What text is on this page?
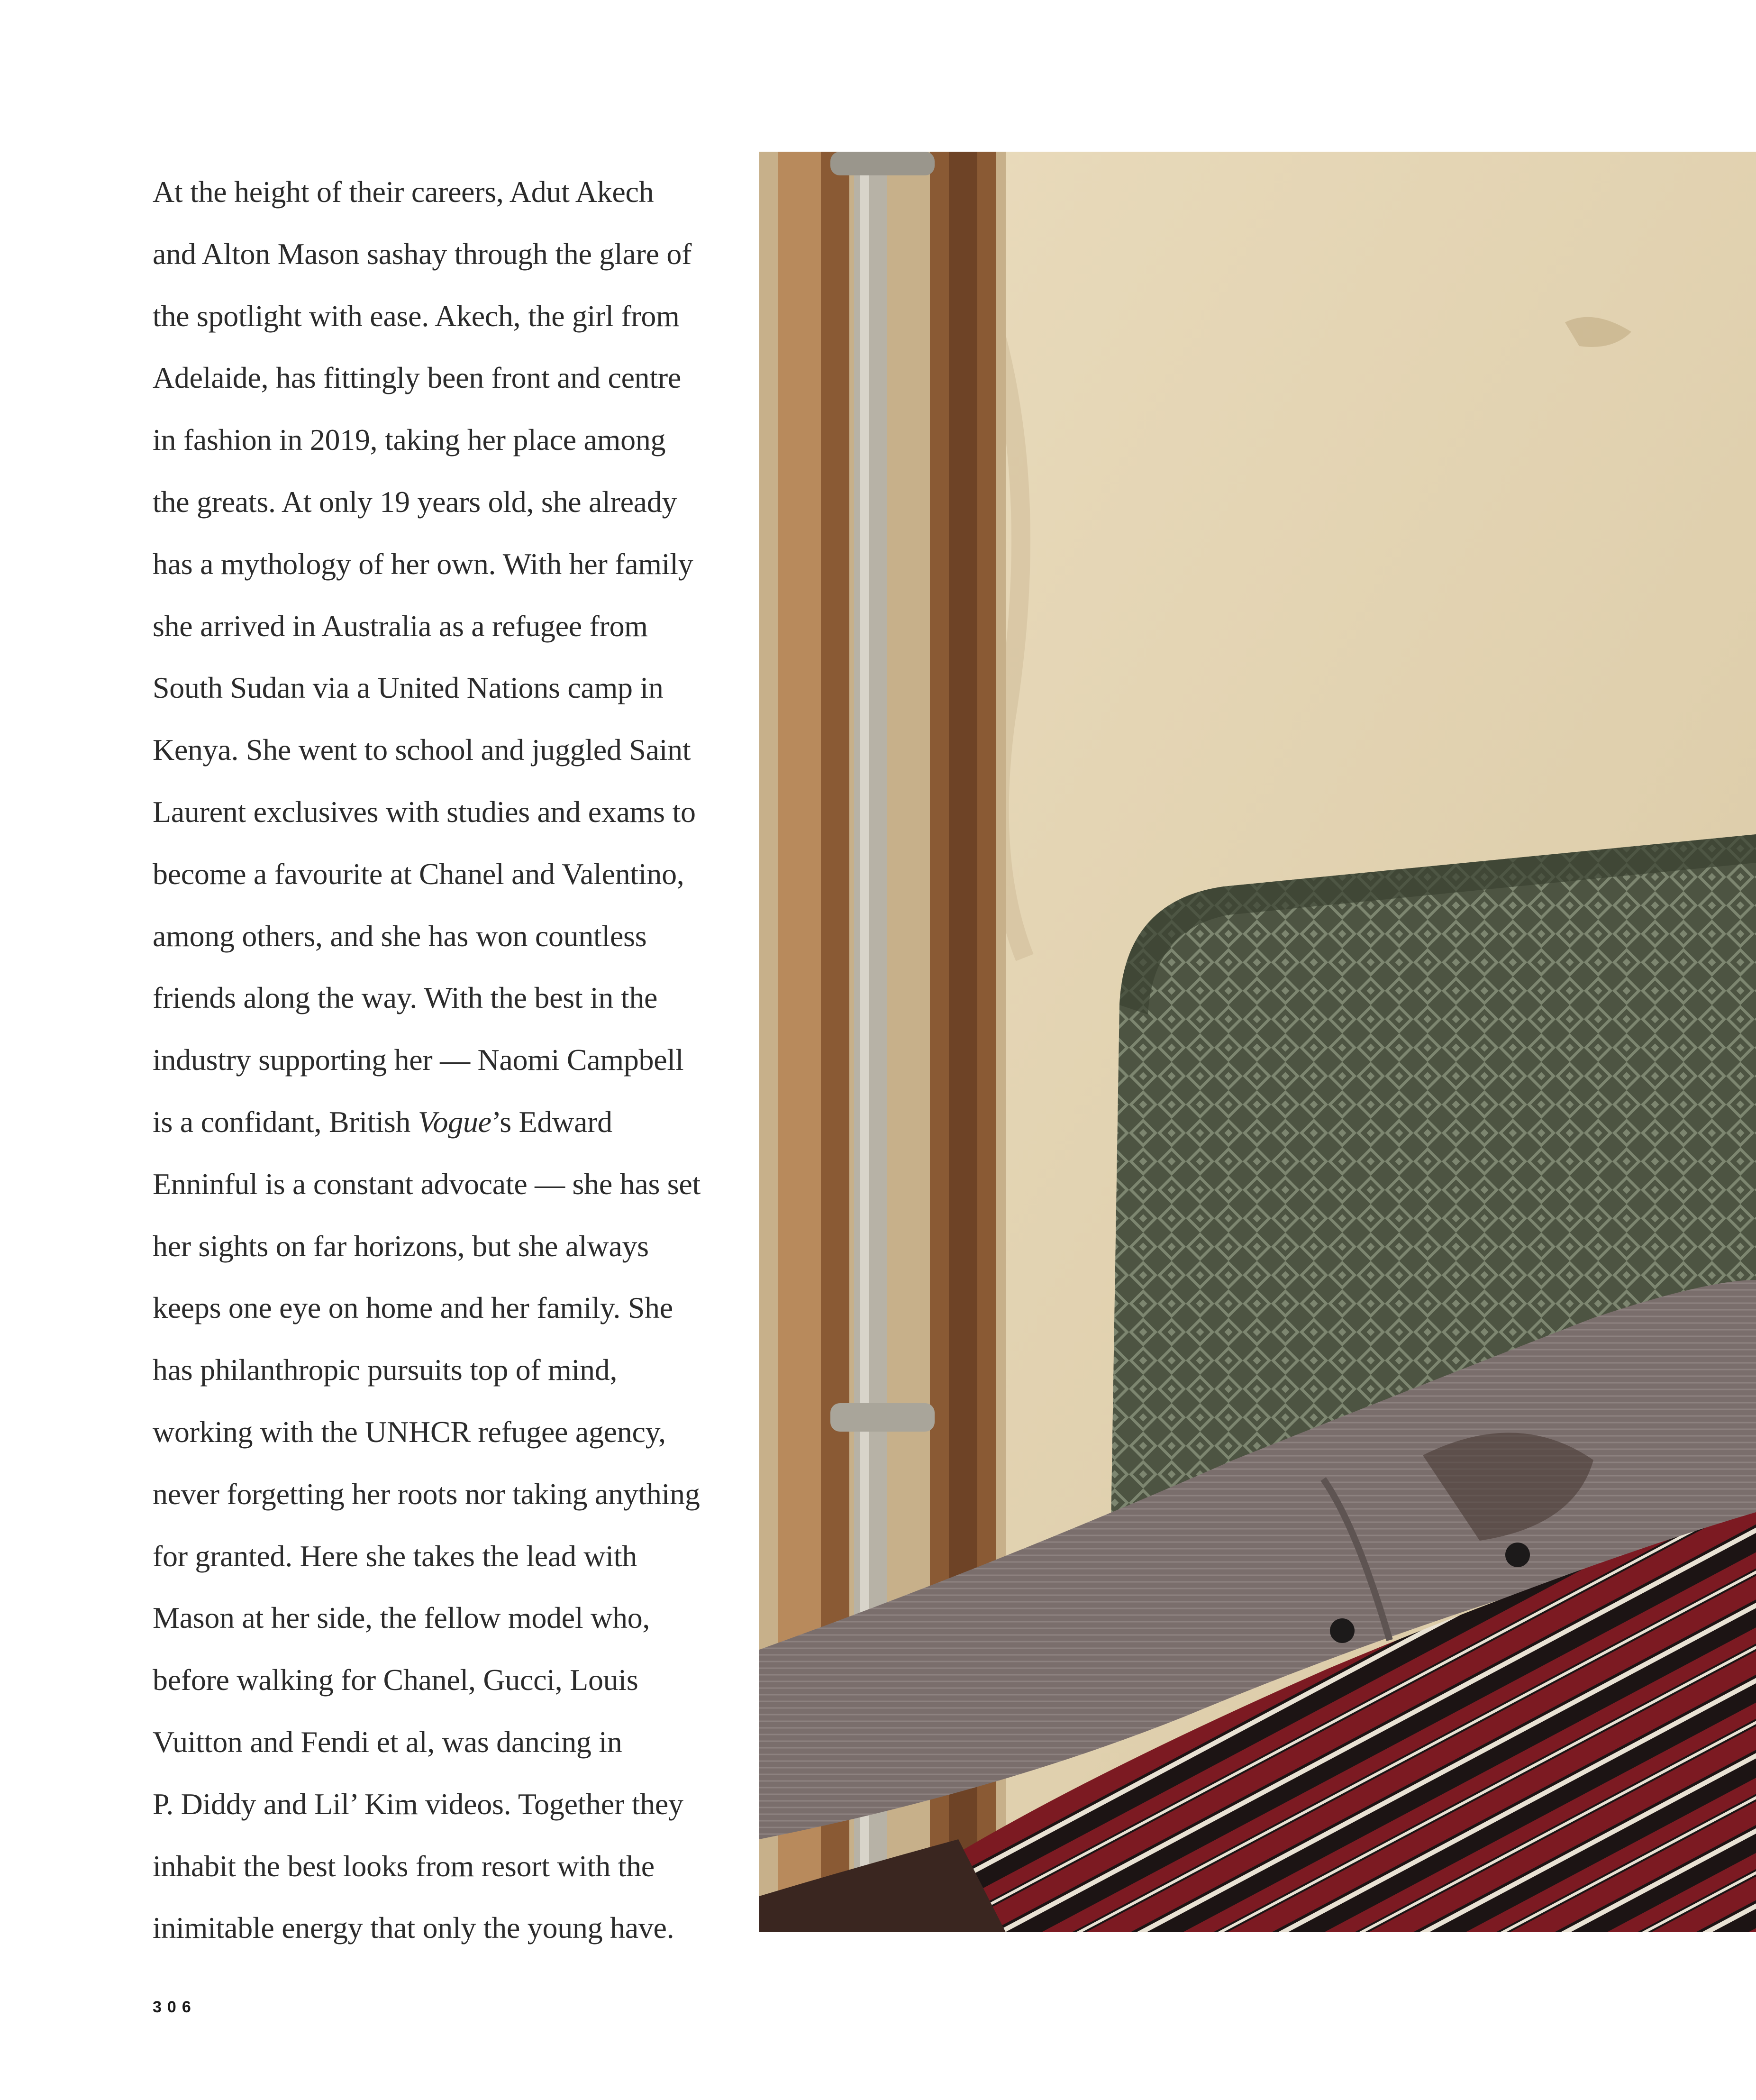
At the height of their careers, Adut Akech
and Alton Mason sashay through the glare of
the spotlight with ease. Akech, the girl from
Adelaide, has fittingly been front and centre
in fashion in 2019, taking her place among
the greats. At only 19 years old, she already
has a mythology of her own. With her family
she arrived in Australia as a refugee from
South Sudan via a United Nations camp in
Kenya. She went to school and juggled Saint
Laurent exclusives with studies and exams to
become a favourite at Chanel and Valentino,
among others, and she has won countless
friends along the way. With the best in the
industry supporting her — Naomi Campbell
is a confidant, British Vogue’s Edward
Enninful is a constant advocate — she has set
her sights on far horizons, but she always
keeps one eye on home and her family. She
has philanthropic pursuits top of mind,
working with the UNHCR refugee agency,
never forgetting her roots nor taking anything
for granted. Here she takes the lead with
Mason at her side, the fellow model who,
before walking for Chanel, Gucci, Louis
Vuitton and Fendi et al, was dancing in
P. Diddy and Lil’ Kim videos. Together they
inhabit the best looks from resort with the
inimitable energy that only the young have.
306
